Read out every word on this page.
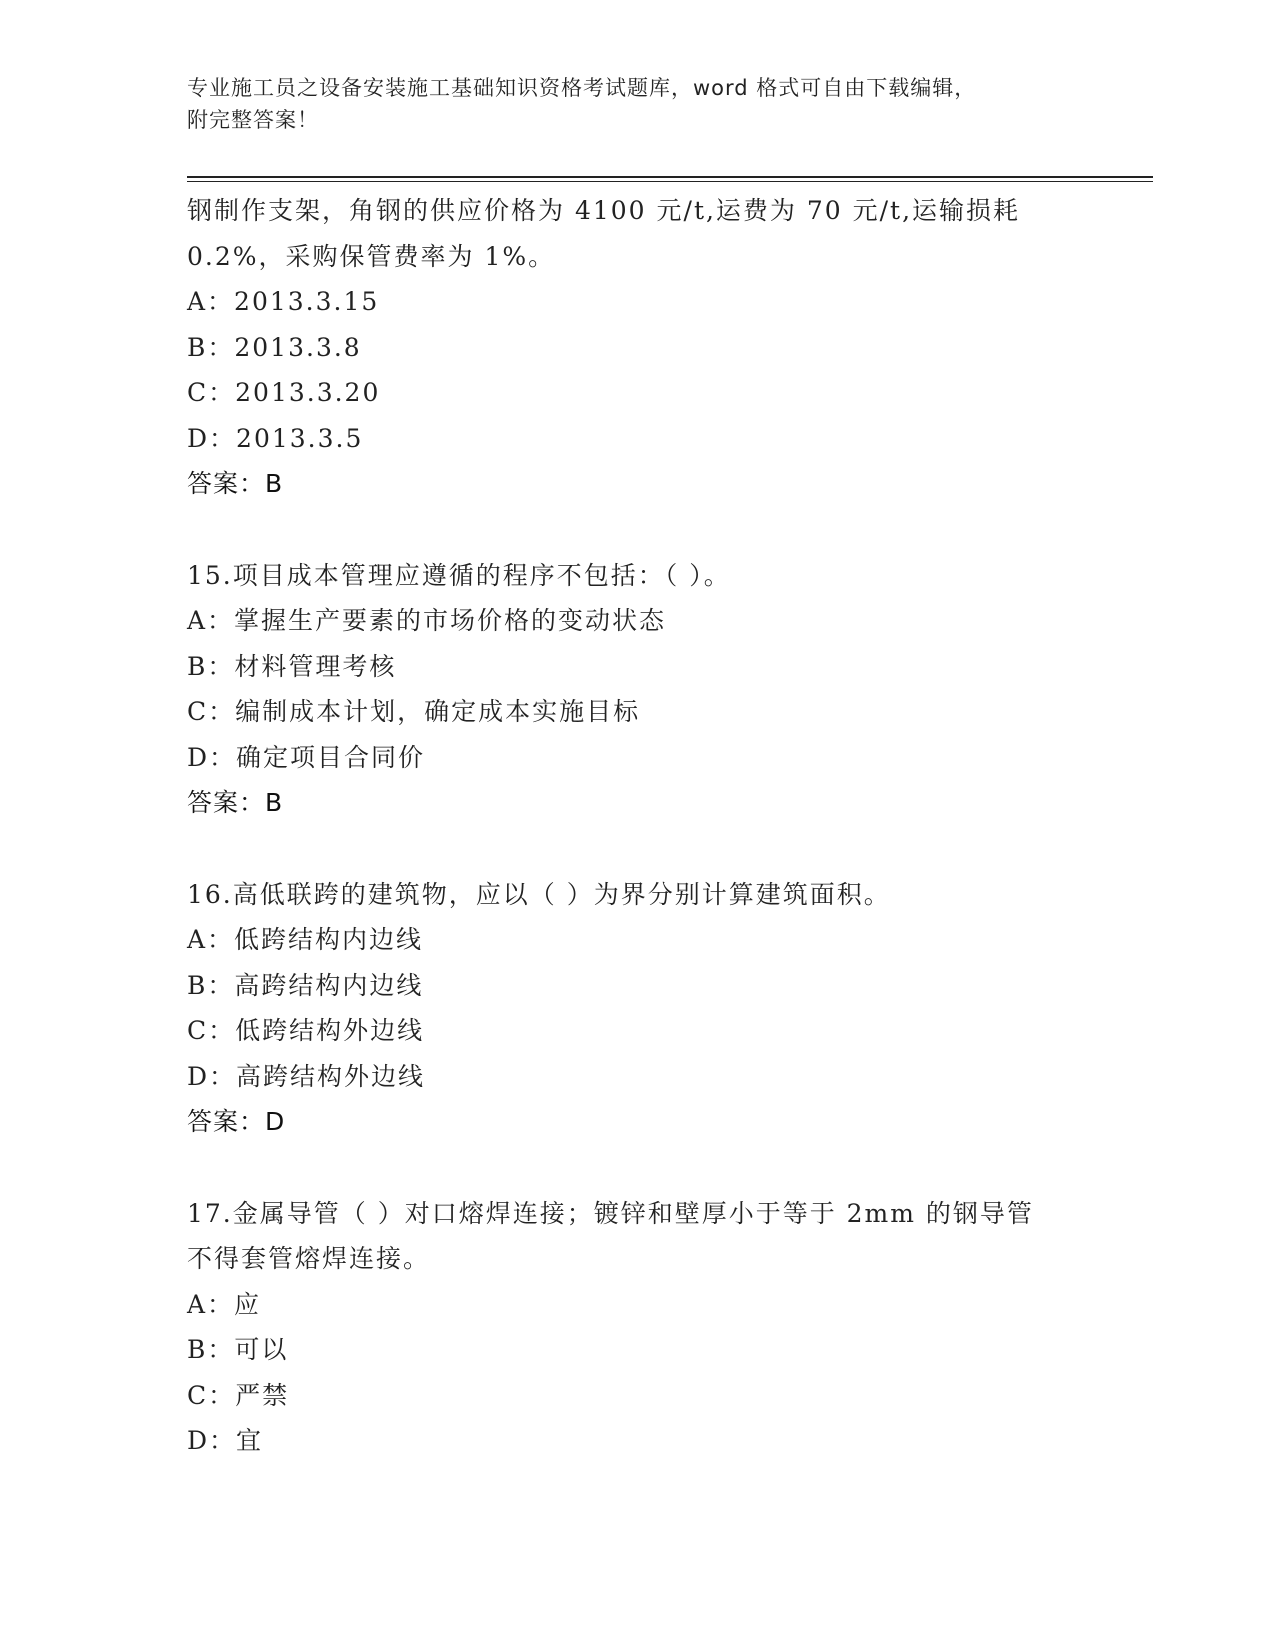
专业施工员之设备安装施工基础知识资格考试题库，word 格式可自由下载编辑，
附完整答案！
钢制作支架，角钢的供应价格为 4100 元/t,运费为 70 元/t,运输损耗
0.2%，采购保管费率为 1%。
A：2013.3.15
B：2013.3.8
C：2013.3.20
D：2013.3.5
答案：B
15.项目成本管理应遵循的程序不包括：（ ）。
A：掌握生产要素的市场价格的变动状态
B：材料管理考核
C：编制成本计划，确定成本实施目标
D：确定项目合同价
答案：B
16.高低联跨的建筑物，应以（ ）为界分别计算建筑面积。
A：低跨结构内边线
B：高跨结构内边线
C：低跨结构外边线
D：高跨结构外边线
答案：D
17.金属导管（ ）对口熔焊连接；镀锌和壁厚小于等于 2mm 的钢导管
不得套管熔焊连接。
A：应
B：可以
C：严禁
D：宜
